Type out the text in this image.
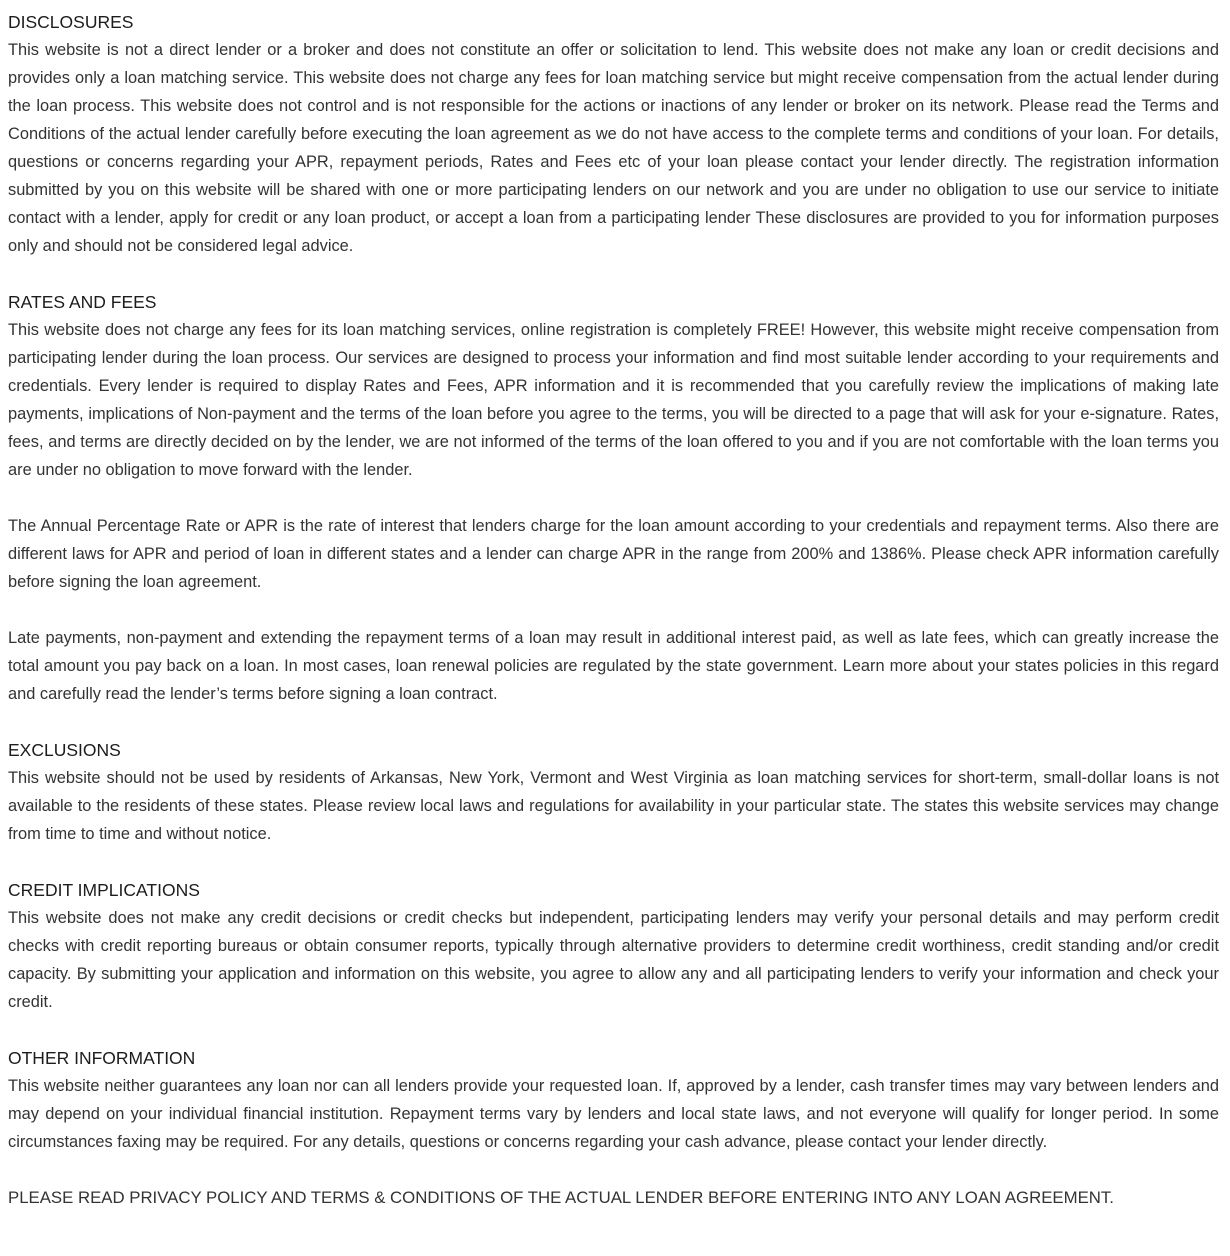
DISCLOSURES

This website is not a direct lender or a broker and does not constitute an offer or solicitation to lend. This website does not make any loan or credit decisions and provides only a loan matching service. This website does not charge any fees for loan matching service but might receive compensation from the actual lender during the loan process. This website does not control and is not responsible for the actions or inactions of any lender or broker on its network. Please read the Terms and Conditions of the actual lender carefully before executing the loan agreement as we do not have access to the complete terms and conditions of your loan. For details, questions or concerns regarding your APR, repayment periods, Rates and Fees etc of your loan please contact your lender directly. The registration information submitted by you on this website will be shared with one or more participating lenders on our network and you are under no obligation to use our service to initiate contact with a lender, apply for credit or any loan product, or accept a loan from a participating lender These disclosures are provided to you for information purposes only and should not be considered legal advice.

RATES AND FEES

This website does not charge any fees for its loan matching services, online registration is completely FREE! However, this website might receive compensation from participating lender during the loan process. Our services are designed to process your information and find most suitable lender according to your requirements and credentials. Every lender is required to display Rates and Fees, APR information and it is recommended that you carefully review the implications of making late payments, implications of Non-payment and the terms of the loan before you agree to the terms, you will be directed to a page that will ask for your e-signature. Rates, fees, and terms are directly decided on by the lender, we are not informed of the terms of the loan offered to you and if you are not comfortable with the loan terms you are under no obligation to move forward with the lender.

The Annual Percentage Rate or APR is the rate of interest that lenders charge for the loan amount according to your credentials and repayment terms. Also there are different laws for APR and period of loan in different states and a lender can charge APR in the range from 200% and 1386%. Please check APR information carefully before signing the loan agreement.

Late payments, non-payment and extending the repayment terms of a loan may result in additional interest paid, as well as late fees, which can greatly increase the total amount you pay back on a loan. In most cases, loan renewal policies are regulated by the state government. Learn more about your states policies in this regard and carefully read the lender’s terms before signing a loan contract.

EXCLUSIONS

This website should not be used by residents of Arkansas, New York, Vermont and West Virginia as loan matching services for short-term, small-dollar loans is not available to the residents of these states. Please review local laws and regulations for availability in your particular state. The states this website services may change from time to time and without notice.

CREDIT IMPLICATIONS

This website does not make any credit decisions or credit checks but independent, participating lenders may verify your personal details and may perform credit checks with credit reporting bureaus or obtain consumer reports, typically through alternative providers to determine credit worthiness, credit standing and/or credit capacity. By submitting your application and information on this website, you agree to allow any and all participating lenders to verify your information and check your credit.

OTHER INFORMATION

This website neither guarantees any loan nor can all lenders provide your requested loan. If, approved by a lender, cash transfer times may vary between lenders and may depend on your individual financial institution. Repayment terms vary by lenders and local state laws, and not everyone will qualify for longer period. In some circumstances faxing may be required. For any details, questions or concerns regarding your cash advance, please contact your lender directly.

PLEASE READ PRIVACY POLICY AND TERMS & CONDITIONS OF THE ACTUAL LENDER BEFORE ENTERING INTO ANY LOAN AGREEMENT.
